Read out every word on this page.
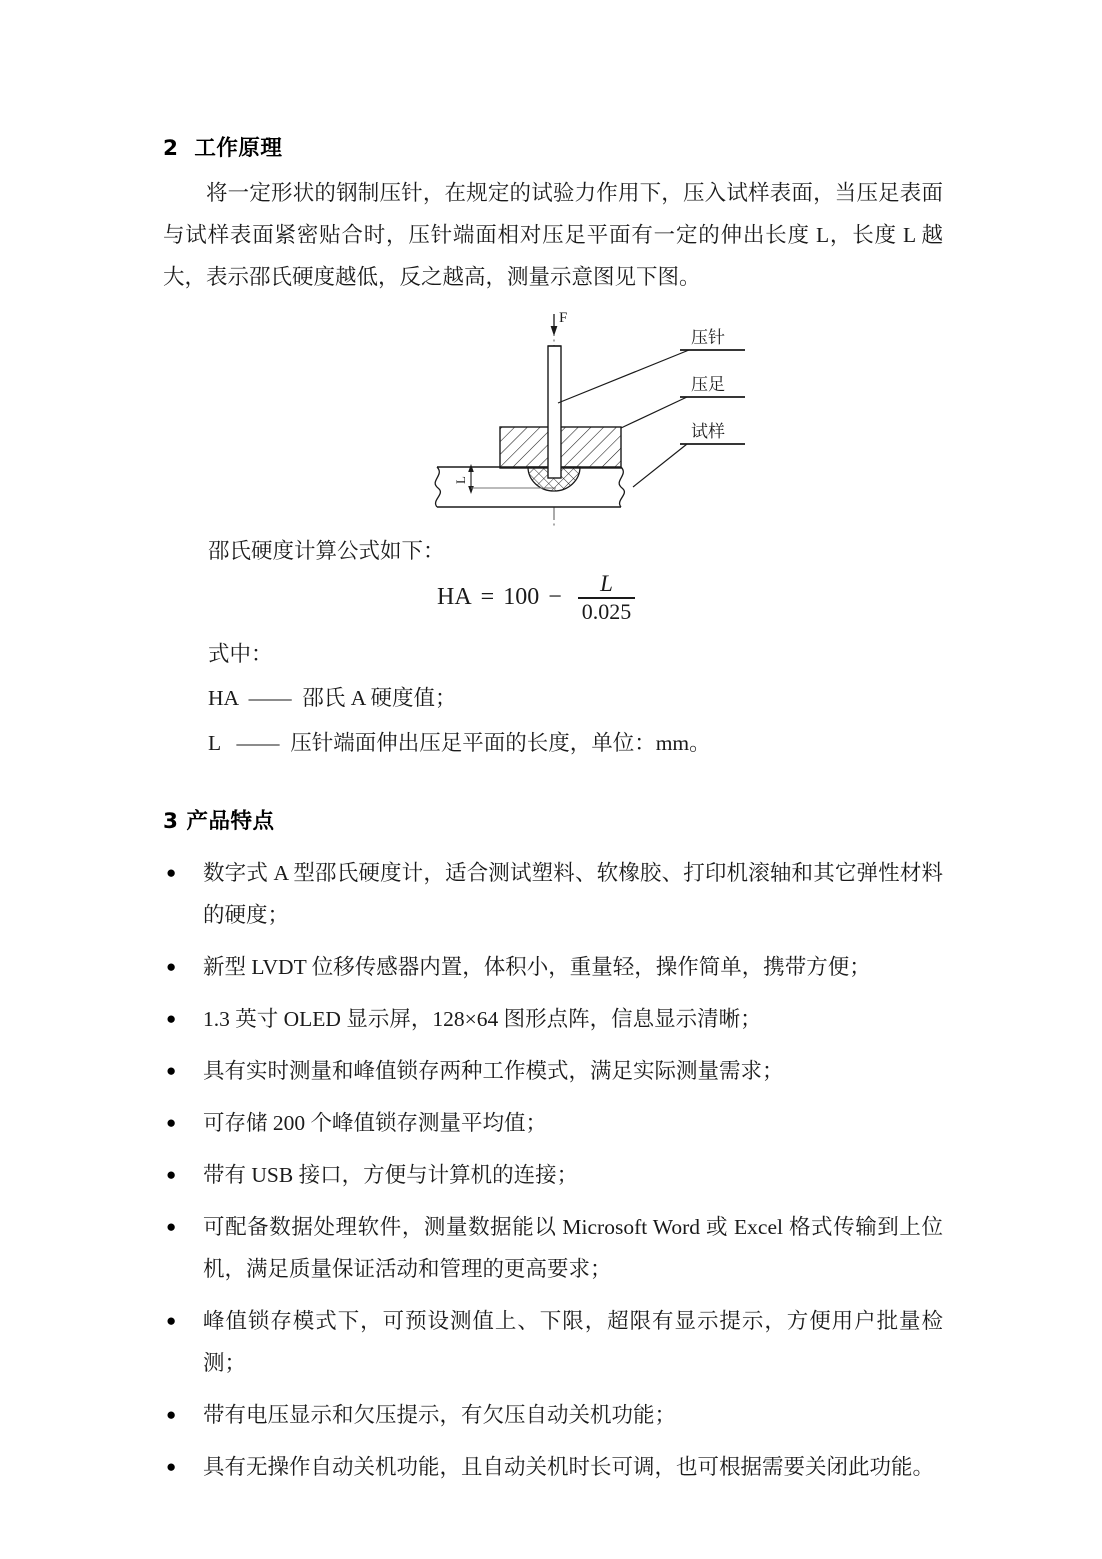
2  工作原理

将一定形状的钢制压针，在规定的试验力作用下，压入试样表面，当压足表面与试样表面紧密贴合时，压针端面相对压足平面有一定的伸出长度 L，长度 L 越大，表示邵氏硬度越低，反之越高，测量示意图见下图。

F
L
压针
压足
试样
邵氏硬度计算公式如下：
HA = $100 - \frac{L}{0.025}$
式中：
HA  ——  邵氏 A 硬度值；
L   ——  压针端面伸出压足平面的长度，单位：mm。
3 产品特点
● 数字式 A 型邵氏硬度计，适合测试塑料、软橡胶、打印机滚轴和其它弹性材料的硬度；
● 新型 LVDT 位移传感器内置，体积小，重量轻，操作简单，携带方便；
● 1.3 英寸 OLED 显示屏，128×64 图形点阵，信息显示清晰；
● 具有实时测量和峰值锁存两种工作模式，满足实际测量需求；
● 可存储 200 个峰值锁存测量平均值；
● 带有 USB 接口，方便与计算机的连接；
● 可配备数据处理软件，测量数据能以 Microsoft Word 或 Excel 格式传输到上位机，满足质量保证活动和管理的更高要求；
● 峰值锁存模式下，可预设测值上、下限，超限有显示提示，方便用户批量检测；
● 带有电压显示和欠压提示，有欠压自动关机功能；
● 具有无操作自动关机功能，且自动关机时长可调，也可根据需要关闭此功能。
